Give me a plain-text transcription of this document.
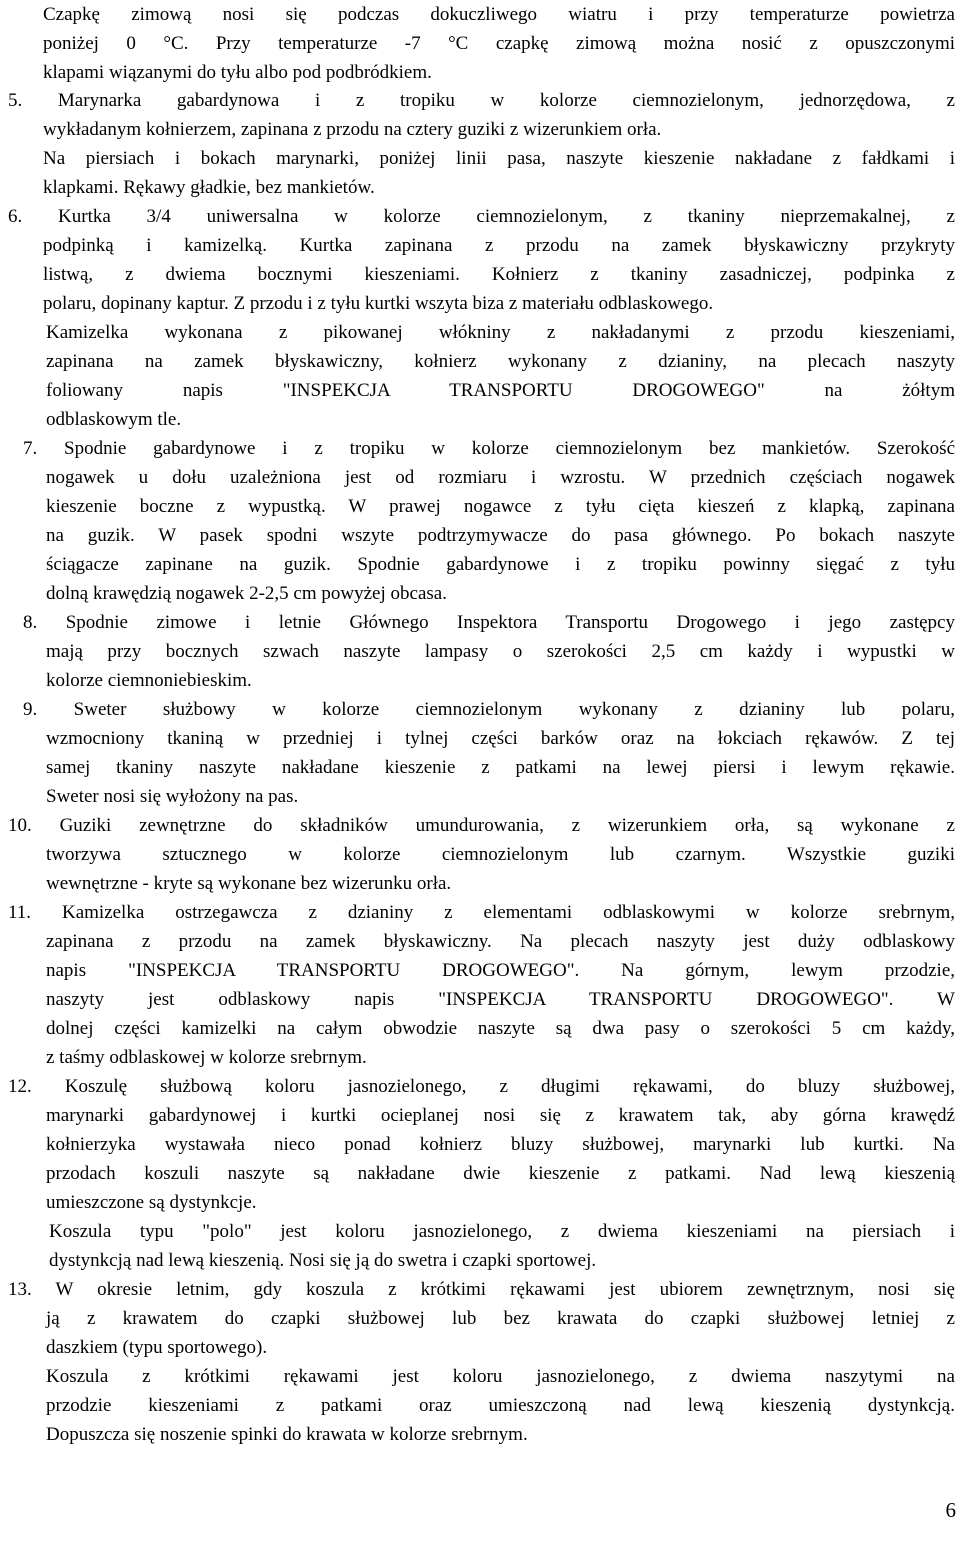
Czapkę zimową nosi się podczas dokuczliwego wiatru i przy temperaturze powietrza
poniżej 0 °C. Przy temperaturze -7 °C czapkę zimową można nosić z opuszczonymi
klapami wiązanymi do tyłu albo pod podbródkiem.
5. Marynarka gabardynowa i z tropiku w kolorze ciemnozielonym, jednorzędowa, z
wykładanym kołnierzem, zapinana z przodu na cztery guziki z wizerunkiem orła.
Na piersiach i bokach marynarki, poniżej linii pasa, naszyte kieszenie nakładane z fałdkami i
klapkami. Rękawy gładkie, bez mankietów.
6. Kurtka 3/4 uniwersalna w kolorze ciemnozielonym, z tkaniny nieprzemakalnej, z
podpinką i kamizelką. Kurtka zapinana z przodu na zamek błyskawiczny przykryty
listwą, z dwiema bocznymi kieszeniami. Kołnierz z tkaniny zasadniczej, podpinka z
polaru, dopinany kaptur. Z przodu i z tyłu kurtki wszyta biza z materiału odblaskowego.
Kamizelka wykonana z pikowanej włókniny z nakładanymi z przodu kieszeniami,
zapinana na zamek błyskawiczny, kołnierz wykonany z dzianiny, na plecach naszyty
foliowany napis "INSPEKCJA TRANSPORTU DROGOWEGO" na żółtym
odblaskowym tle.
7. Spodnie gabardynowe i z tropiku w kolorze ciemnozielonym bez mankietów. Szerokość
nogawek u dołu uzależniona jest od rozmiaru i wzrostu. W przednich częściach nogawek
kieszenie boczne z wypustką. W prawej nogawce z tyłu cięta kieszeń z klapką, zapinana
na guzik. W pasek spodni wszyte podtrzymywacze do pasa głównego. Po bokach naszyte
ściągacze zapinane na guzik. Spodnie gabardynowe i z tropiku powinny sięgać z tyłu
dolną krawędzią nogawek 2-2,5 cm powyżej obcasa.
8. Spodnie zimowe i letnie Głównego Inspektora Transportu Drogowego i jego zastępcy
mają przy bocznych szwach naszyte lampasy o szerokości 2,5 cm każdy i wypustki w
kolorze ciemnoniebieskim.
9. Sweter służbowy w kolorze ciemnozielonym wykonany z dzianiny lub polaru,
wzmocniony tkaniną w przedniej i tylnej części barków oraz na łokciach rękawów. Z tej
samej tkaniny naszyte nakładane kieszenie z patkami na lewej piersi i lewym rękawie.
Sweter nosi się wyłożony na pas.
10. Guziki zewnętrzne do składników umundurowania, z wizerunkiem orła, są wykonane z
tworzywa sztucznego w kolorze ciemnozielonym lub czarnym. Wszystkie guziki
wewnętrzne - kryte są wykonane bez wizerunku orła.
11. Kamizelka ostrzegawcza z dzianiny z elementami odblaskowymi w kolorze srebrnym,
zapinana z przodu na zamek błyskawiczny. Na plecach naszyty jest duży odblaskowy
napis "INSPEKCJA TRANSPORTU DROGOWEGO". Na górnym, lewym przodzie,
naszyty jest odblaskowy napis "INSPEKCJA TRANSPORTU DROGOWEGO". W
dolnej części kamizelki na całym obwodzie naszyte są dwa pasy o szerokości 5 cm każdy,
z taśmy odblaskowej w kolorze srebrnym.
12. Koszulę służbową koloru jasnozielonego, z długimi rękawami, do bluzy służbowej,
marynarki gabardynowej i kurtki ocieplanej nosi się z krawatem tak, aby górna krawędź
kołnierzyka wystawała nieco ponad kołnierz bluzy służbowej, marynarki lub kurtki. Na
przodach koszuli naszyte są nakładane dwie kieszenie z patkami. Nad lewą kieszenią
umieszczone są dystynkcje.
Koszula typu "polo" jest koloru jasnozielonego, z dwiema kieszeniami na piersiach i
dystynkcją nad lewą kieszenią. Nosi się ją do swetra i czapki sportowej.
13. W okresie letnim, gdy koszula z krótkimi rękawami jest ubiorem zewnętrznym, nosi się
ją z krawatem do czapki służbowej lub bez krawata do czapki służbowej letniej z
daszkiem (typu sportowego).
Koszula z krótkimi rękawami jest koloru jasnozielonego, z dwiema naszytymi na
przodzie kieszeniami z patkami oraz umieszczoną nad lewą kieszenią dystynkcją.
Dopuszcza się noszenie spinki do krawata w kolorze srebrnym.
6
